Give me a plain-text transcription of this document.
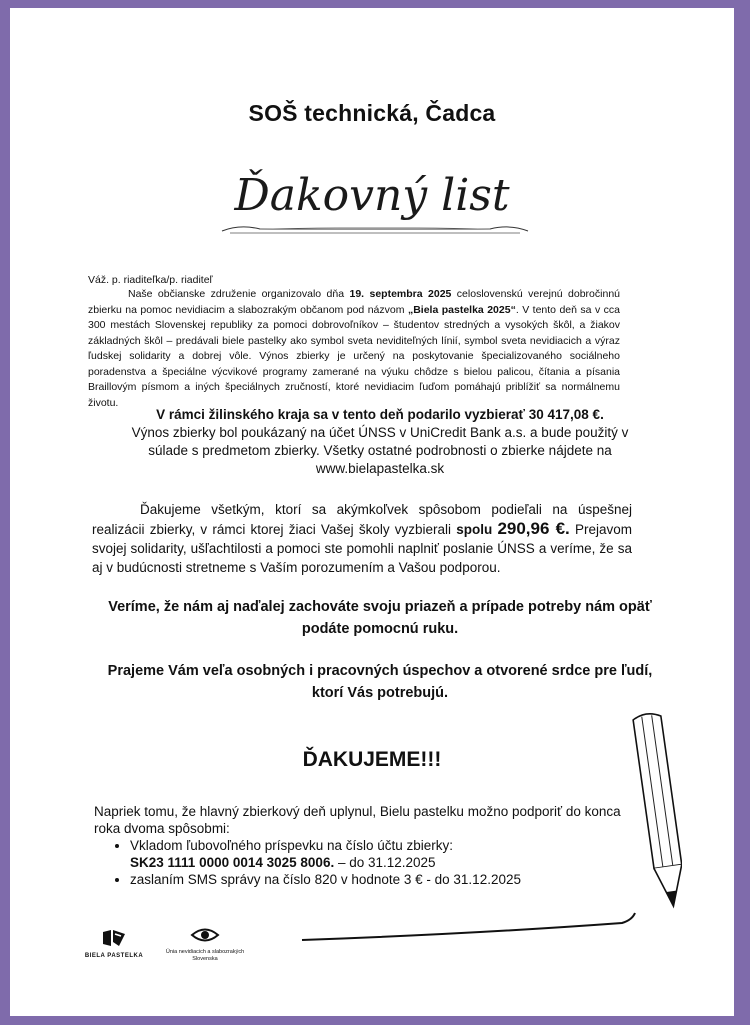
SOŠ technická, Čadca
Ďakovný list
Váž. p. riaditeľka/p. riaditeľ
Naše občianske združenie organizovalo dňa 19. septembra 2025 celoslovenskú verejnú dobročinnú zbierku na pomoc nevidiacim a slabozrakým občanom pod názvom „Biela pastelka 2025“. V tento deň sa v cca 300 mestách Slovenskej republiky za pomoci dobrovoľníkov – študentov stredných a vysokých škôl, a žiakov základných škôl – predávali biele pastelky ako symbol sveta neviditeľných línií, symbol sveta nevidiacich a výraz ľudskej solidarity a dobrej vôle. Výnos zbierky je určený na poskytovanie špecializovaného sociálneho poradenstva a špeciálne výcvikové programy zamerané na výuku chôdze s bielou palicou, čítania a písania Braillovým písmom a iných špeciálnych zručností, ktoré nevidiacim ľuďom pomáhajú priblížiť sa normálnemu životu.
V rámci žilinského kraja sa v tento deň podarilo vyzbierať 30 417,08 €.
Výnos zbierky bol poukázaný na účet ÚNSS v UniCredit Bank a.s. a bude použitý v súlade s predmetom zbierky. Všetky ostatné podrobnosti o zbierke nájdete na www.bielapastelka.sk
Ďakujeme všetkým, ktorí sa akýmkoľvek spôsobom podieľali na úspešnej realizácii zbierky, v rámci ktorej žiaci Vašej školy vyzbierali spolu 290,96 €. Prejavom svojej solidarity, ušľachtilosti a pomoci ste pomohli naplniť poslanie ÚNSS a veríme, že sa aj v budúcnosti stretneme s Vaším porozumením a Vašou podporou.
Veríme, že nám aj naďalej zachováte svoju priazeň a prípade potreby nám opäť podáte pomocnú ruku.
Prajeme Vám veľa osobných i pracovných úspechov a otvorené srdce pre ľudí, ktorí Vás potrebujú.
ĎAKUJEME!!!
Napriek tomu, že hlavný zbierkový deň uplynul, Bielu pastelku možno podporiť do konca roka dvoma spôsobmi:
• Vkladom ľubovoľného príspevku na číslo účtu zbierky:
SK23 1111 0000 0014 3025 8006. – do 31.12.2025
• zaslaním SMS správy na číslo 820 v hodnote 3 € - do 31.12.2025
BIELA PASTELKA
Únia nevidiacich a slabozrakých
Slovenska
